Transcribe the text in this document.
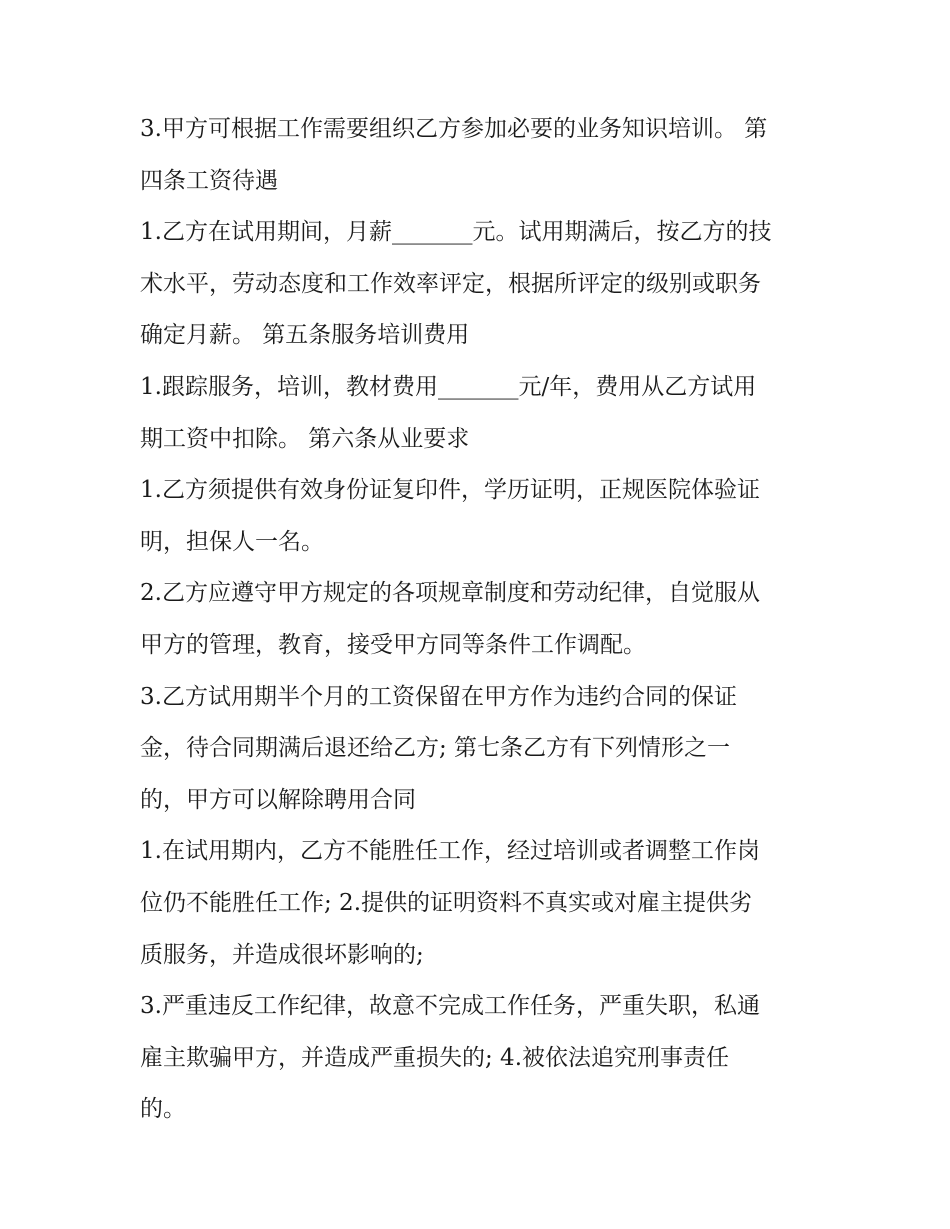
3.甲方可根据工作需要组织乙方参加必要的业务知识培训。 第
四条工资待遇
1.乙方在试用期间，月薪_______元。试用期满后，按乙方的技
术水平，劳动态度和工作效率评定，根据所评定的级别或职务
确定月薪。 第五条服务培训费用
1.跟踪服务，培训，教材费用_______元/年，费用从乙方试用
期工资中扣除。 第六条从业要求
1.乙方须提供有效身份证复印件，学历证明，正规医院体验证
明，担保人一名。
2.乙方应遵守甲方规定的各项规章制度和劳动纪律，自觉服从
甲方的管理，教育，接受甲方同等条件工作调配。
3.乙方试用期半个月的工资保留在甲方作为违约合同的保证
金，待合同期满后退还给乙方; 第七条乙方有下列情形之一
的，甲方可以解除聘用合同
1.在试用期内，乙方不能胜任工作，经过培训或者调整工作岗
位仍不能胜任工作; 2.提供的证明资料不真实或对雇主提供劣
质服务，并造成很坏影响的;
3.严重违反工作纪律，故意不完成工作任务，严重失职，私通
雇主欺骗甲方，并造成严重损失的; 4.被依法追究刑事责任
的。
